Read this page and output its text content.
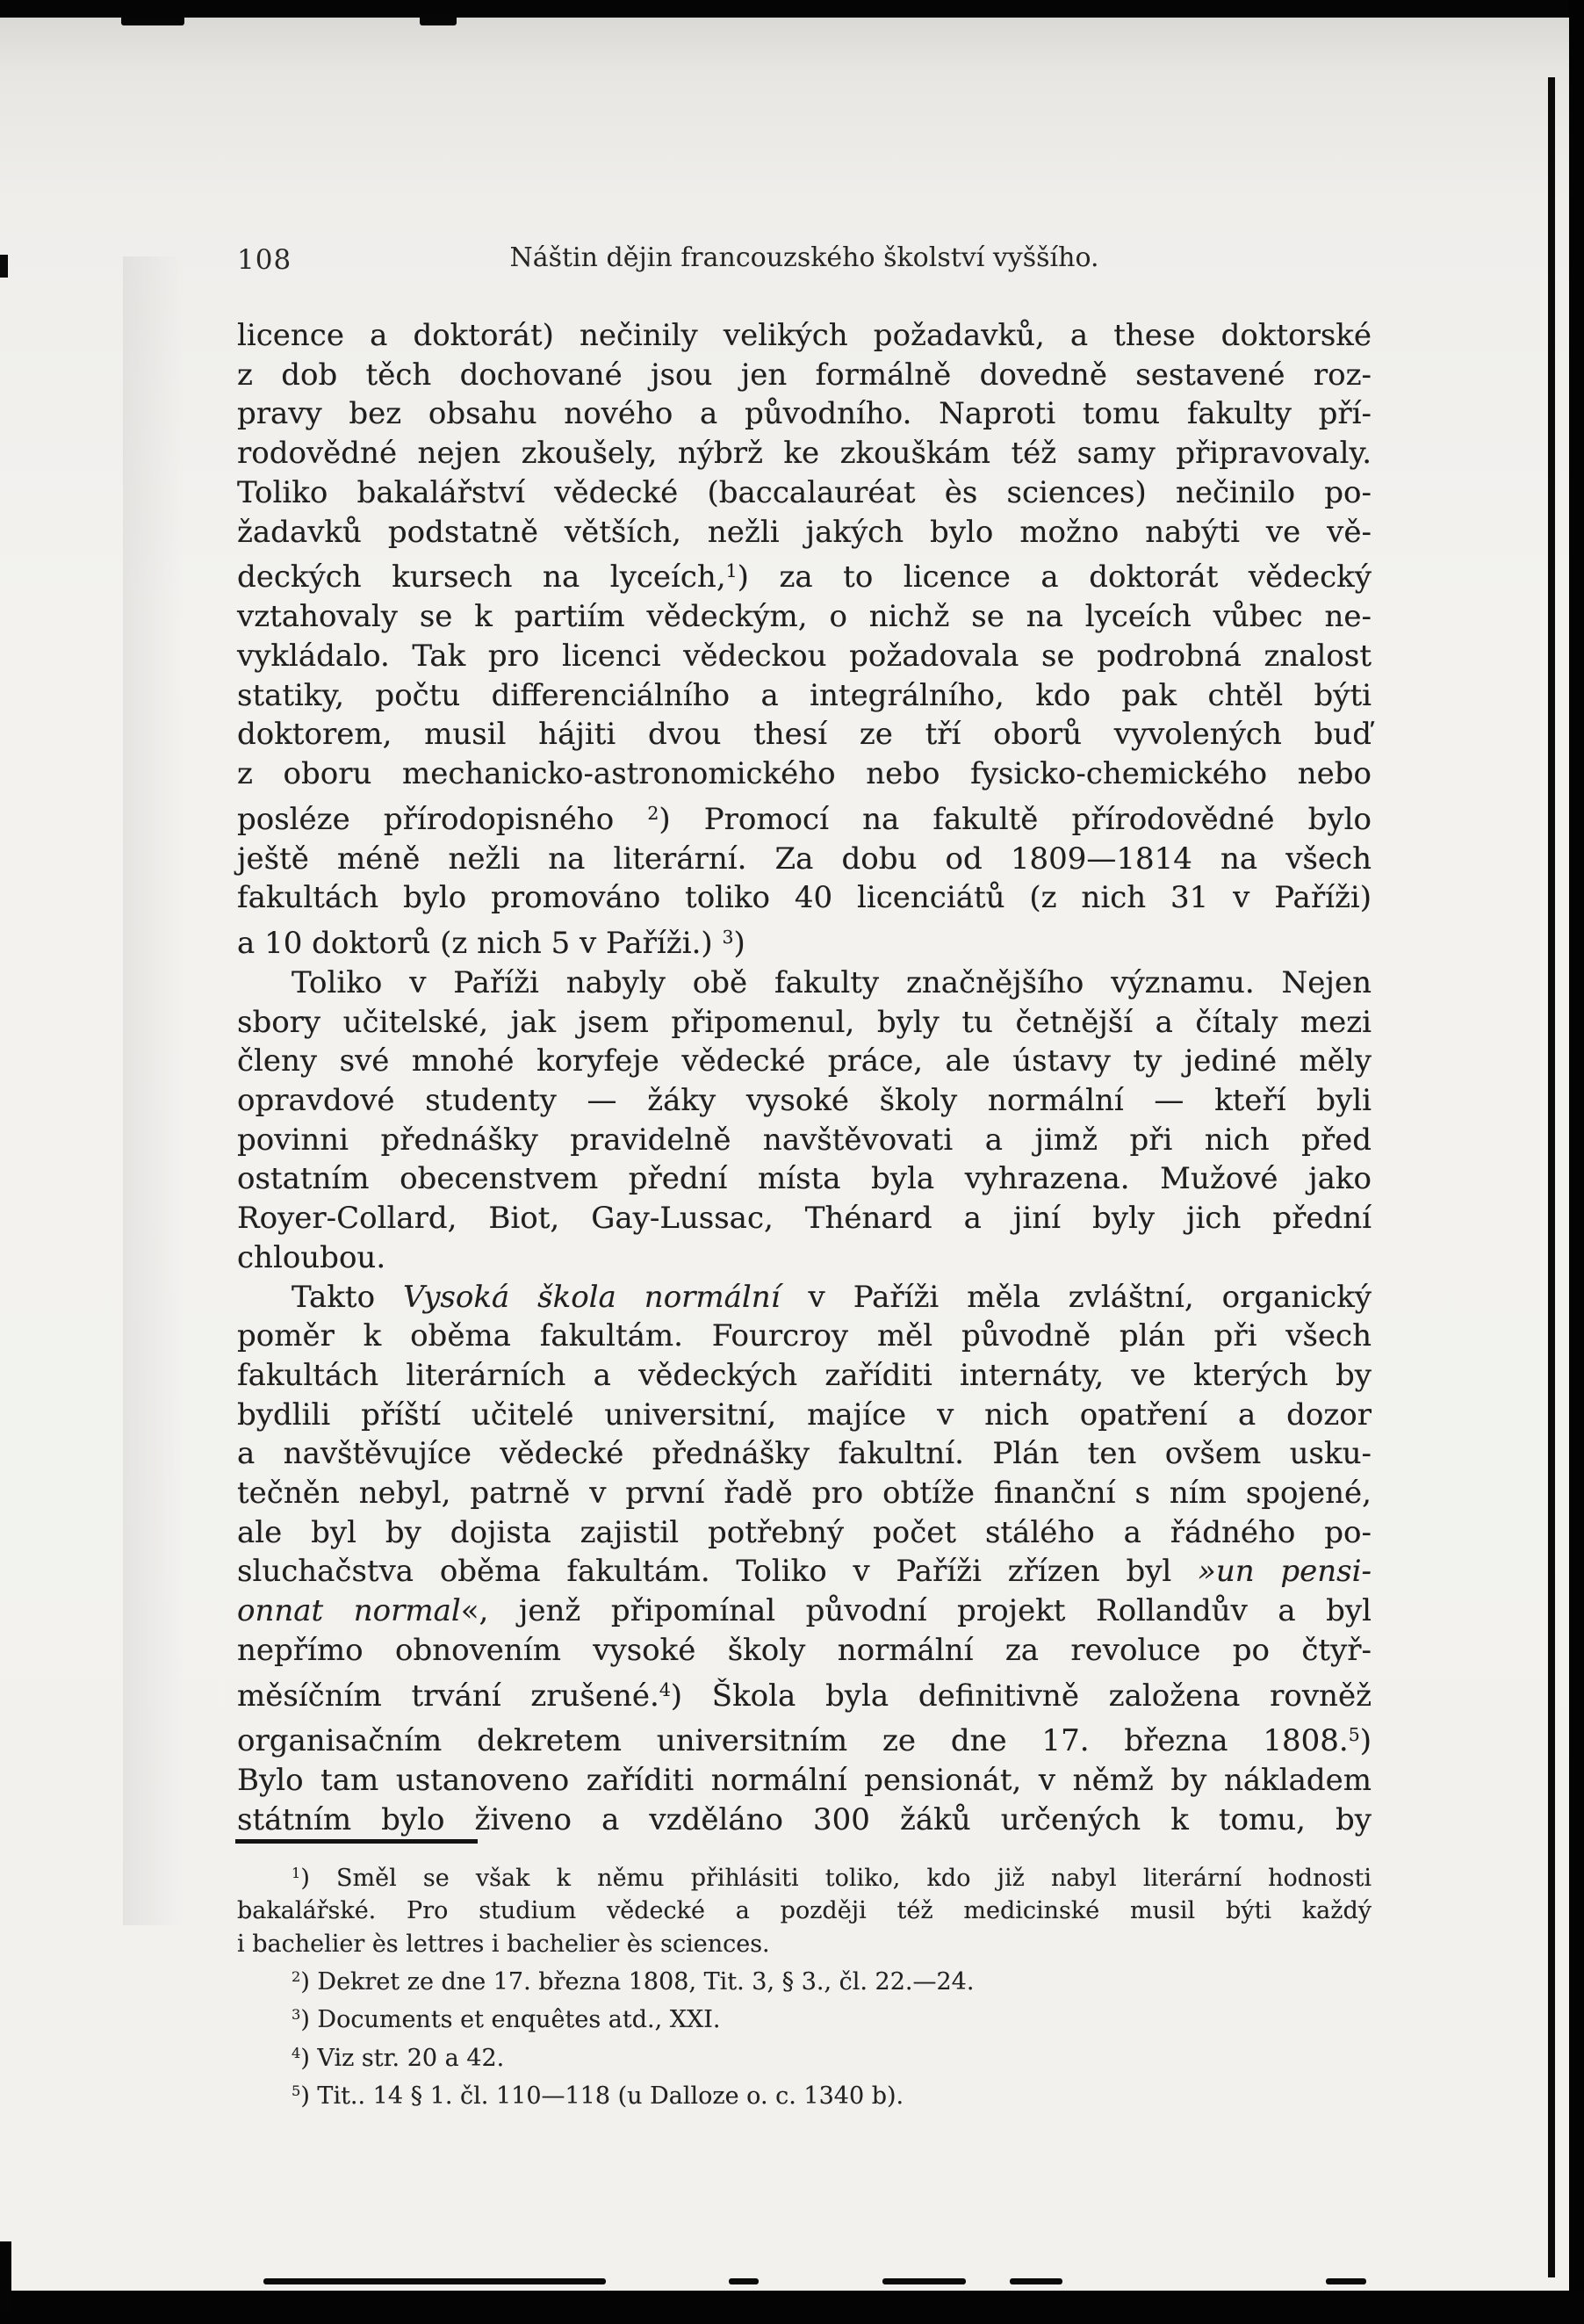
108	Náštin dějin francouzského školství vyššího.
licence a doktorát) nečinily velikých požadavků, a these doktorské
z dob těch dochované jsou jen formálně dovedně sestavené roz-
pravy bez obsahu nového a původního. Naproti tomu fakulty pří-
rodovědné nejen zkoušely, nýbrž ke zkouškám též samy připravovaly.
Toliko bakalářství vědecké (baccalauréat ès sciences) nečinilo po-
žadavků podstatně větších, nežli jakých bylo možno nabýti ve vě-
deckých kursech na lyceích,$^1$) za to licence a doktorát vědecký
vztahovaly se k partiím vědeckým, o nichž se na lyceích vůbec ne-
vykládalo. Tak pro licenci vědeckou požadovala se podrobná znalost
statiky, počtu differenciálního a integrálního, kdo pak chtěl býti
doktorem, musil hájiti dvou thesí ze tří oborů vyvolených buď
z oboru mechanicko-astronomického nebo fysicko-chemického nebo
posléze přírodopisného $^2$) Promocí na fakultě přírodovědné bylo
ještě méně nežli na literární. Za dobu od 1809—1814 na všech
fakultách bylo promováno toliko 40 licenciátů (z nich 31 v Paříži)
a 10 doktorů (z nich 5 v Paříži.) $^3$)
Toliko v Paříži nabyly obě fakulty značnějšího významu. Nejen
sbory učitelské, jak jsem připomenul, byly tu četnější a čítaly mezi
členy své mnohé koryfeje vědecké práce, ale ústavy ty jediné měly
opravdové studenty — žáky vysoké školy normální — kteří byli
povinni přednášky pravidelně navštěvovati a jimž při nich před
ostatním obecenstvem přední místa byla vyhrazena. Mužové jako
Royer-Collard, Biot, Gay-Lussac, Thénard a jiní byly jich přední
chloubou.
Takto Vysoká škola normální v Paříži měla zvláštní, organický
poměr k oběma fakultám. Fourcroy měl původně plán při všech
fakultách literárních a vědeckých zaříditi internáty, ve kterých by
bydlili příští učitelé universitní, majíce v nich opatření a dozor
a navštěvujíce vědecké přednášky fakultní. Plán ten ovšem usku-
tečněn nebyl, patrně v první řadě pro obtíže finanční s ním spojené,
ale byl by dojista zajistil potřebný počet stálého a řádného po-
sluchačstva oběma fakultám. Toliko v Paříži zřízen byl »un pensi-
onnat normal«, jenž připomínal původní projekt Rollandův a byl
nepřímo obnovením vysoké školy normální za revoluce po čtyř-
měsíčním trvání zrušené.$^4$) Škola byla definitivně založena rovněž
organisačním dekretem universitním ze dne 17. března 1808.$^5$)
Bylo tam ustanoveno zaříditi normální pensionát, v němž by nákladem
státním bylo živeno a vzděláno 300 žáků určených k tomu, by
$^1$) Směl se však k němu přihlásiti toliko, kdo již nabyl literární hodnosti
bakalářské. Pro studium vědecké a později též medicinské musil býti každý
i bachelier ès lettres i bachelier ès sciences.
$^2$) Dekret ze dne 17. března 1808, Tit. 3, § 3., čl. 22.—24.
$^3$) Documents et enquêtes atd., XXI.
$^4$) Viz str. 20 a 42.
$^5$) Tit.. 14 § 1. čl. 110—118 (u Dalloze o. c. 1340 b).
